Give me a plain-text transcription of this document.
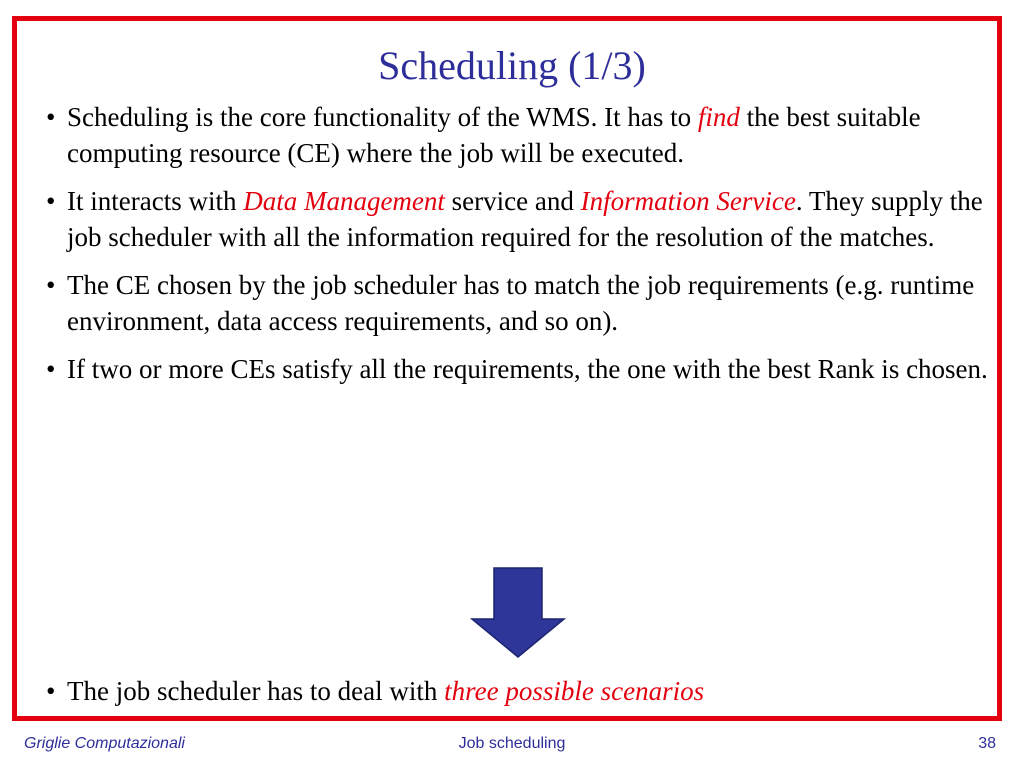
Scheduling (1/3)
• Scheduling is the core functionality of the WMS. It has to find the best suitable computing resource (CE) where the job will be executed.
• It interacts with Data Management service and Information Service. They supply the job scheduler with all the information required for the resolution of the matches.
• The CE chosen by the job scheduler has to match the job requirements (e.g. runtime environment, data access requirements, and so on).
• If two or more CEs satisfy all the requirements, the one with the best Rank is chosen.
• The job scheduler has to deal with three possible scenarios
Griglie Computazionali	Job scheduling	38
